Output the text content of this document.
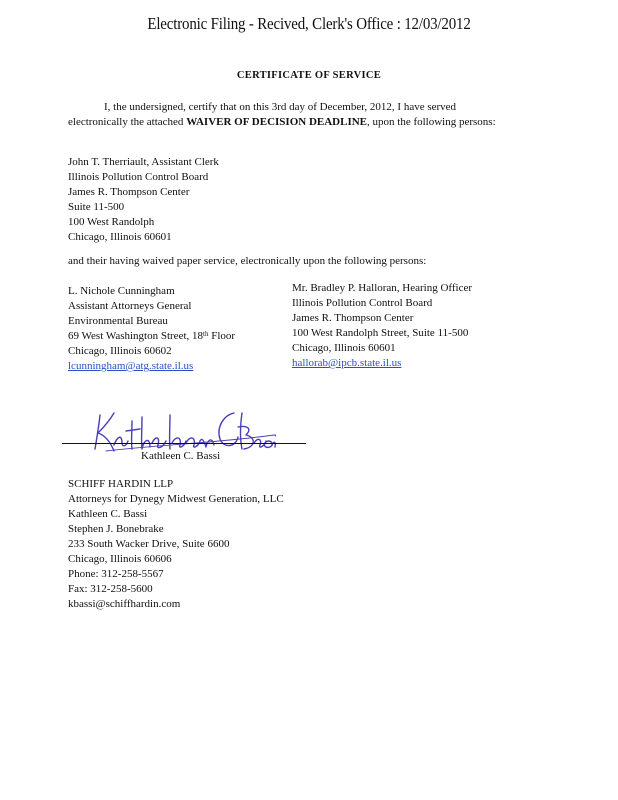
Electronic Filing - Recived, Clerk's Office : 12/03/2012
CERTIFICATE OF SERVICE
I, the undersigned, certify that on this 3rd day of December, 2012, I have served electronically the attached WAIVER OF DECISION DEADLINE, upon the following persons:
John T. Therriault, Assistant Clerk
Illinois Pollution Control Board
James R. Thompson Center
Suite 11-500
100 West Randolph
Chicago, Illinois 60601
and their having waived paper service, electronically upon the following persons:
L. Nichole Cunningham
Assistant Attorneys General
Environmental Bureau
69 West Washington Street, 18th Floor
Chicago, Illinois 60602
lcunningham@atg.state.il.us
Mr. Bradley P. Halloran, Hearing Officer
Illinois Pollution Control Board
James R. Thompson Center
100 West Randolph Street, Suite 11-500
Chicago, Illinois 60601
hallorab@ipcb.state.il.us
Kathleen C. Bassi
SCHIFF HARDIN LLP
Attorneys for Dynegy Midwest Generation, LLC
Kathleen C. Bassi
Stephen J. Bonebrake
233 South Wacker Drive, Suite 6600
Chicago, Illinois 60606
Phone: 312-258-5567
Fax: 312-258-5600
kbassi@schiffhardin.com
